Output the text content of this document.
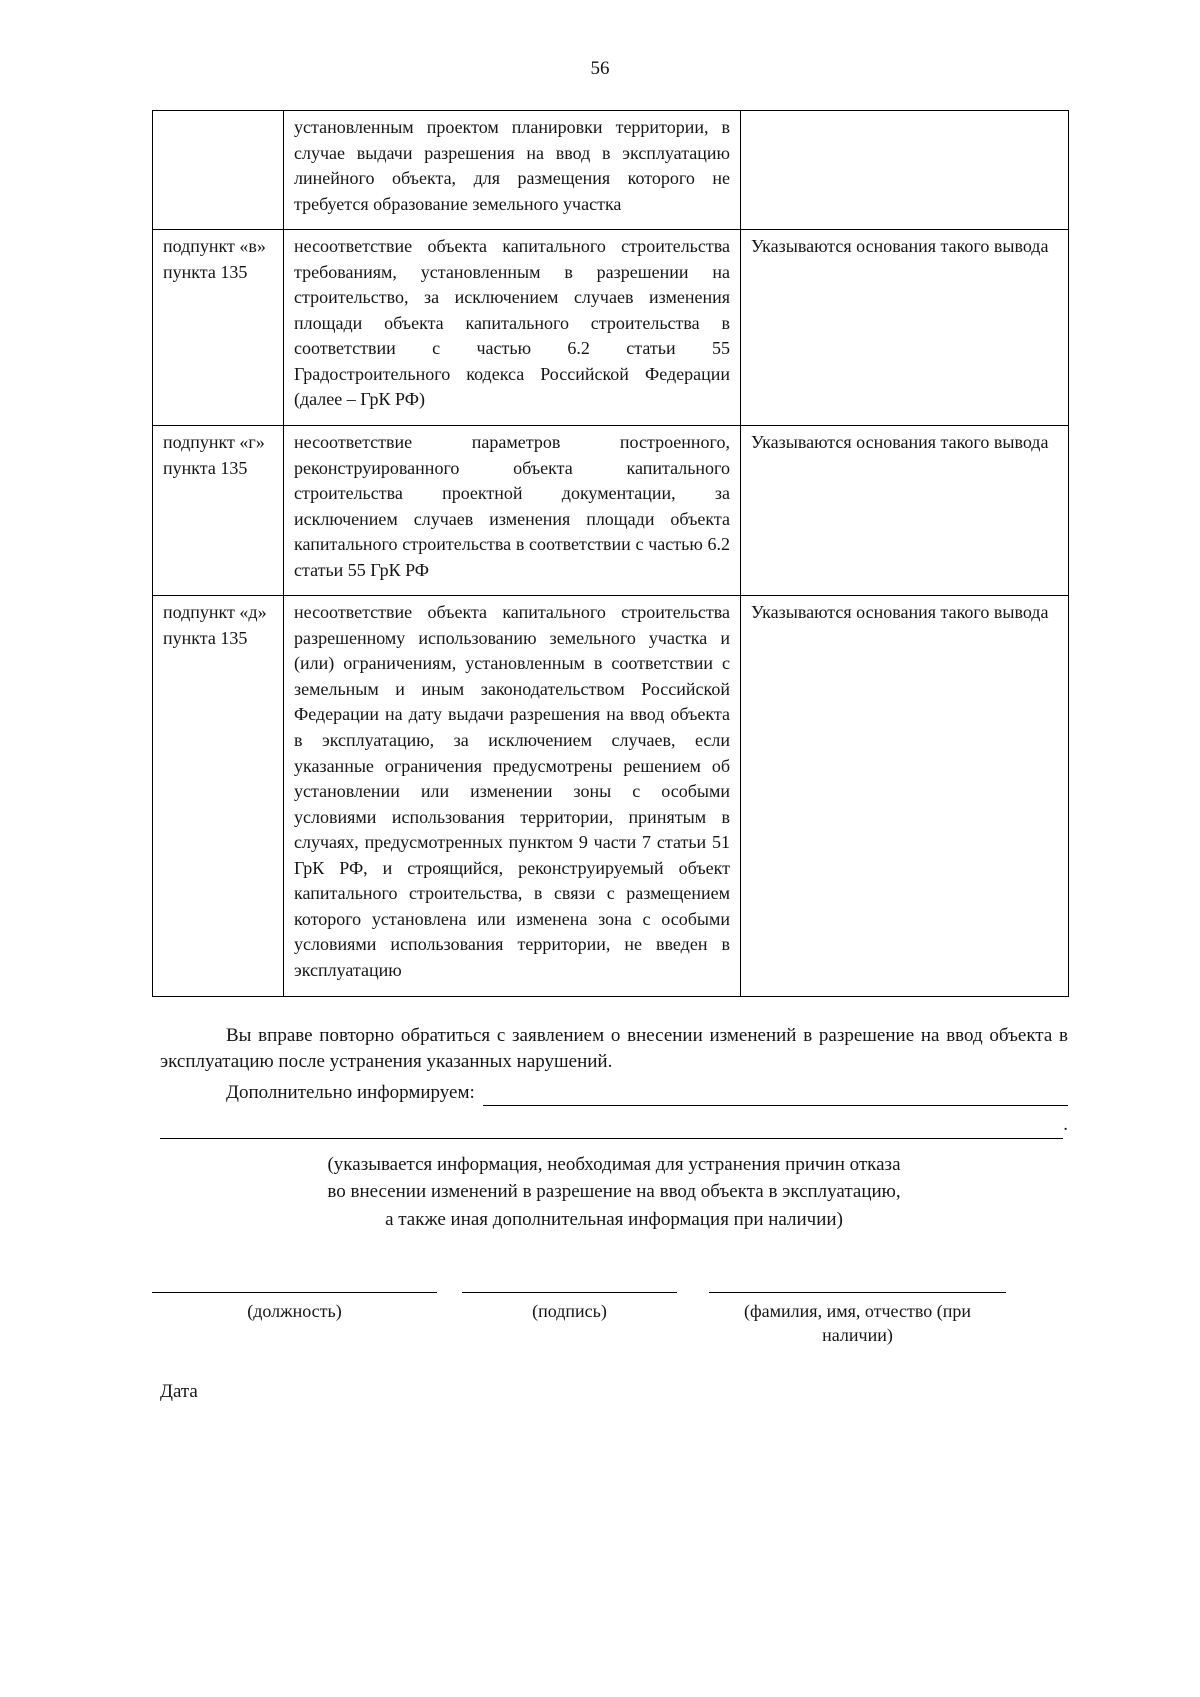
56
	установленным проектом планировки территории, в случае выдачи разрешения на ввод в эксплуатацию линейного объекта, для размещения которого не требуется образование земельного участка	
подпункт «в» пункта 135	несоответствие объекта капитального строительства требованиям, установленным в разрешении на строительство, за исключением случаев изменения площади объекта капитального строительства в соответствии с частью 6.2 статьи 55 Градостроительного кодекса Российской Федерации (далее – ГрК РФ)	Указываются основания такого вывода
подпункт «г» пункта 135	несоответствие параметров построенного, реконструированного объекта капитального строительства проектной документации, за исключением случаев изменения площади объекта капитального строительства в соответствии с частью 6.2 статьи 55 ГрК РФ	Указываются основания такого вывода
подпункт «д» пункта 135	несоответствие объекта капитального строительства разрешенному использованию земельного участка и (или) ограничениям, установленным в соответствии с земельным и иным законодательством Российской Федерации на дату выдачи разрешения на ввод объекта в эксплуатацию, за исключением случаев, если указанные ограничения предусмотрены решением об установлении или изменении зоны с особыми условиями использования территории, принятым в случаях, предусмотренных пунктом 9 части 7 статьи 51 ГрК РФ, и строящийся, реконструируемый объект капитального строительства, в связи с размещением которого установлена или изменена зона с особыми условиями использования территории, не введен в эксплуатацию	Указываются основания такого вывода
Вы вправе повторно обратиться с заявлением о внесении изменений в разрешение на ввод объекта в эксплуатацию после устранения указанных нарушений.
Дополнительно информируем:
.
(указывается информация, необходимая для устранения причин отказа
во внесении изменений в разрешение на ввод объекта в эксплуатацию,
а также иная дополнительная информация при наличии)
(должность)	(подпись)	(фамилия, имя, отчество (при наличии)
Дата
